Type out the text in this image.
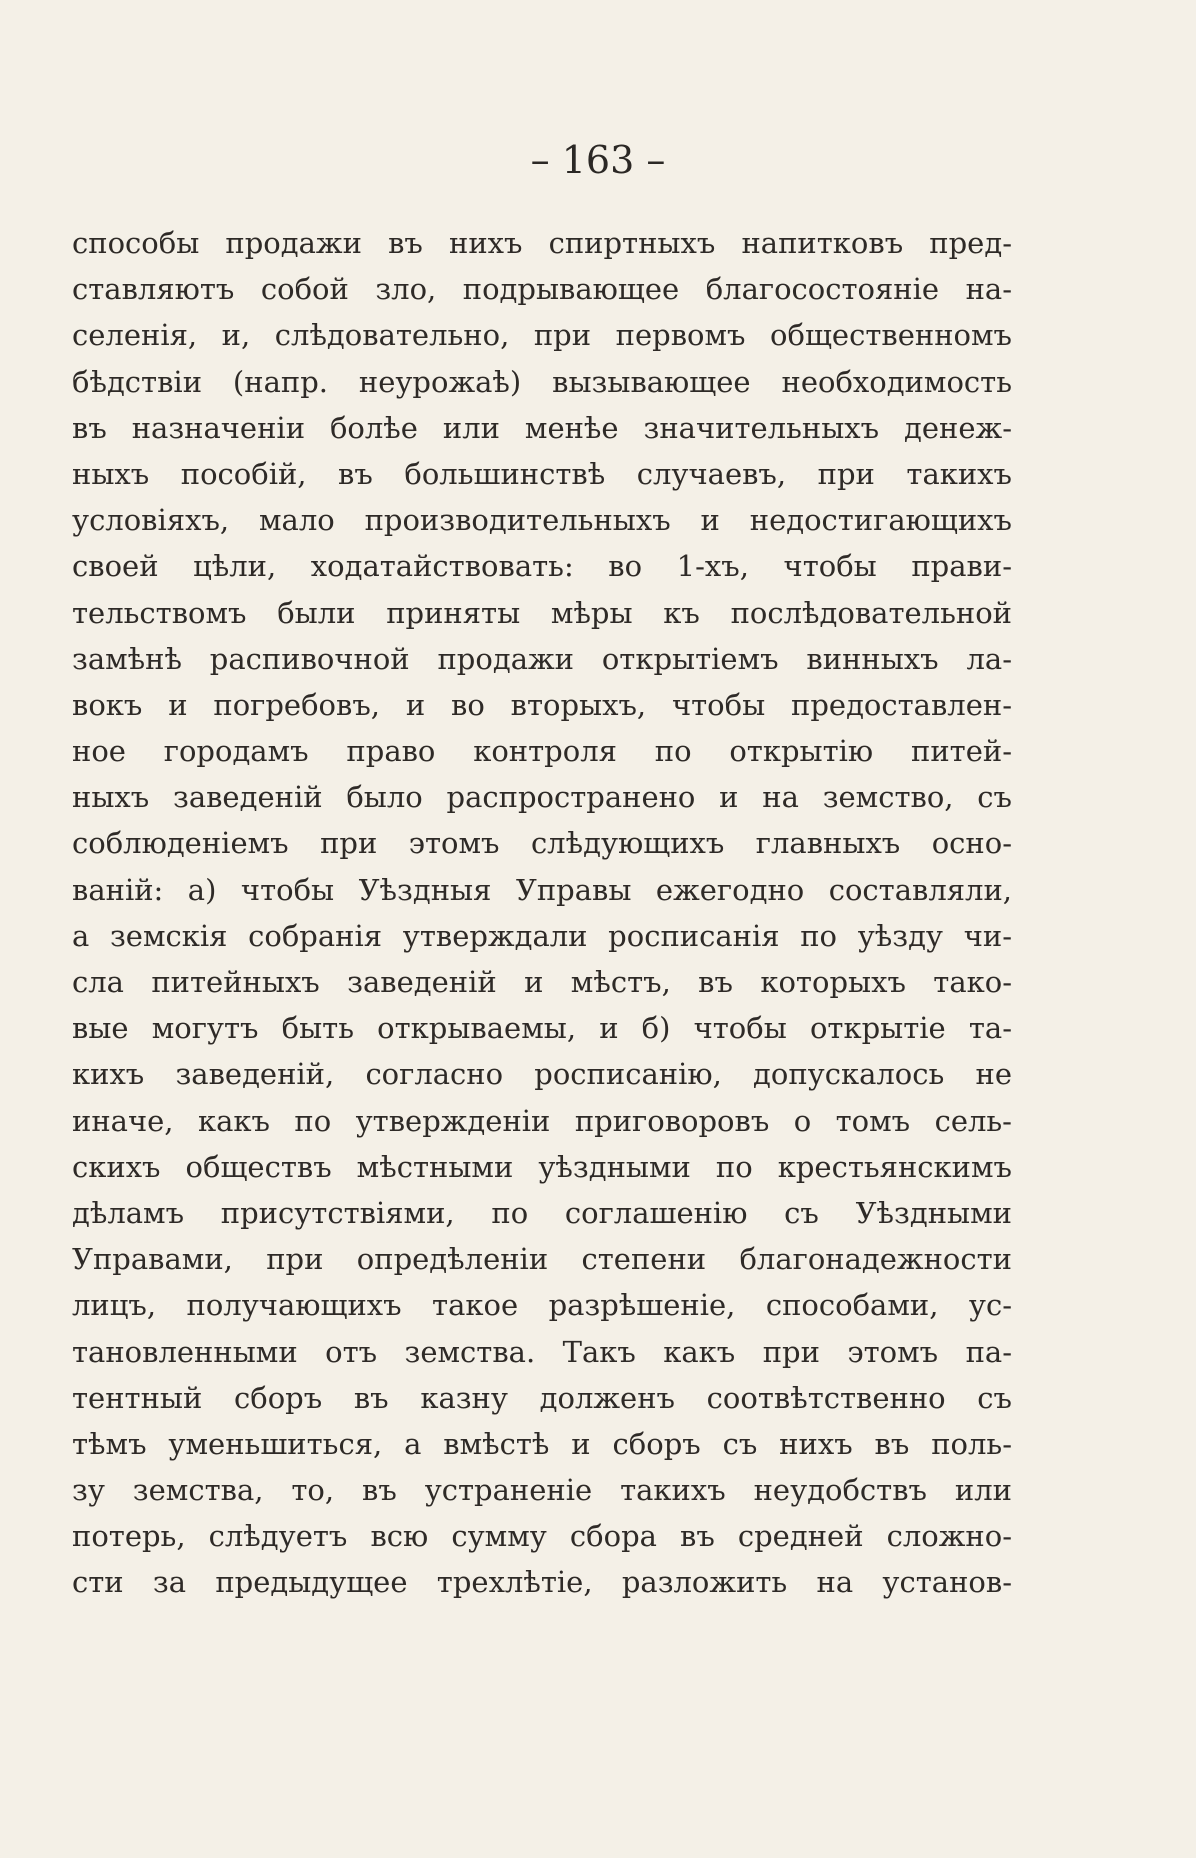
– 163 –
способы продажи въ нихъ спиртныхъ напитковъ пред-
ставляютъ собой зло, подрывающее благосостояніе на-
селенія, и, слѣдовательно, при первомъ общественномъ
бѣдствіи (напр. неурожаѣ) вызывающее необходимость
въ назначеніи болѣе или менѣе значительныхъ денеж-
ныхъ пособій, въ большинствѣ случаевъ, при такихъ
условіяхъ, мало производительныхъ и недостигающихъ
своей цѣли, ходатайствовать: во 1-хъ, чтобы прави-
тельствомъ были приняты мѣры къ послѣдовательной
замѣнѣ распивочной продажи открытіемъ винныхъ ла-
вокъ и погребовъ, и во вторыхъ, чтобы предоставлен-
ное городамъ право контроля по открытію питей-
ныхъ заведеній было распространено и на земство, съ
соблюденіемъ при этомъ слѣдующихъ главныхъ осно-
ваній: а) чтобы Уѣздныя Управы ежегодно составляли,
а земскія собранія утверждали росписанія по уѣзду чи-
сла питейныхъ заведеній и мѣстъ, въ которыхъ тако-
вые могутъ быть открываемы, и б) чтобы открытіе та-
кихъ заведеній, согласно росписанію, допускалось не
иначе, какъ по утвержденіи приговоровъ о томъ сель-
скихъ обществъ мѣстными уѣздными по крестьянскимъ
дѣламъ присутствіями, по соглашенію съ Уѣздными
Управами, при опредѣленіи степени благонадежности
лицъ, получающихъ такое разрѣшеніе, способами, ус-
тановленными отъ земства. Такъ какъ при этомъ па-
тентный сборъ въ казну долженъ соотвѣтственно съ
тѣмъ уменьшиться, а вмѣстѣ и сборъ съ нихъ въ поль-
зу земства, то, въ устраненіе такихъ неудобствъ или
потерь, слѣдуетъ всю сумму сбора въ средней сложно-
сти за предыдущее трехлѣтіе, разложить на установ-
